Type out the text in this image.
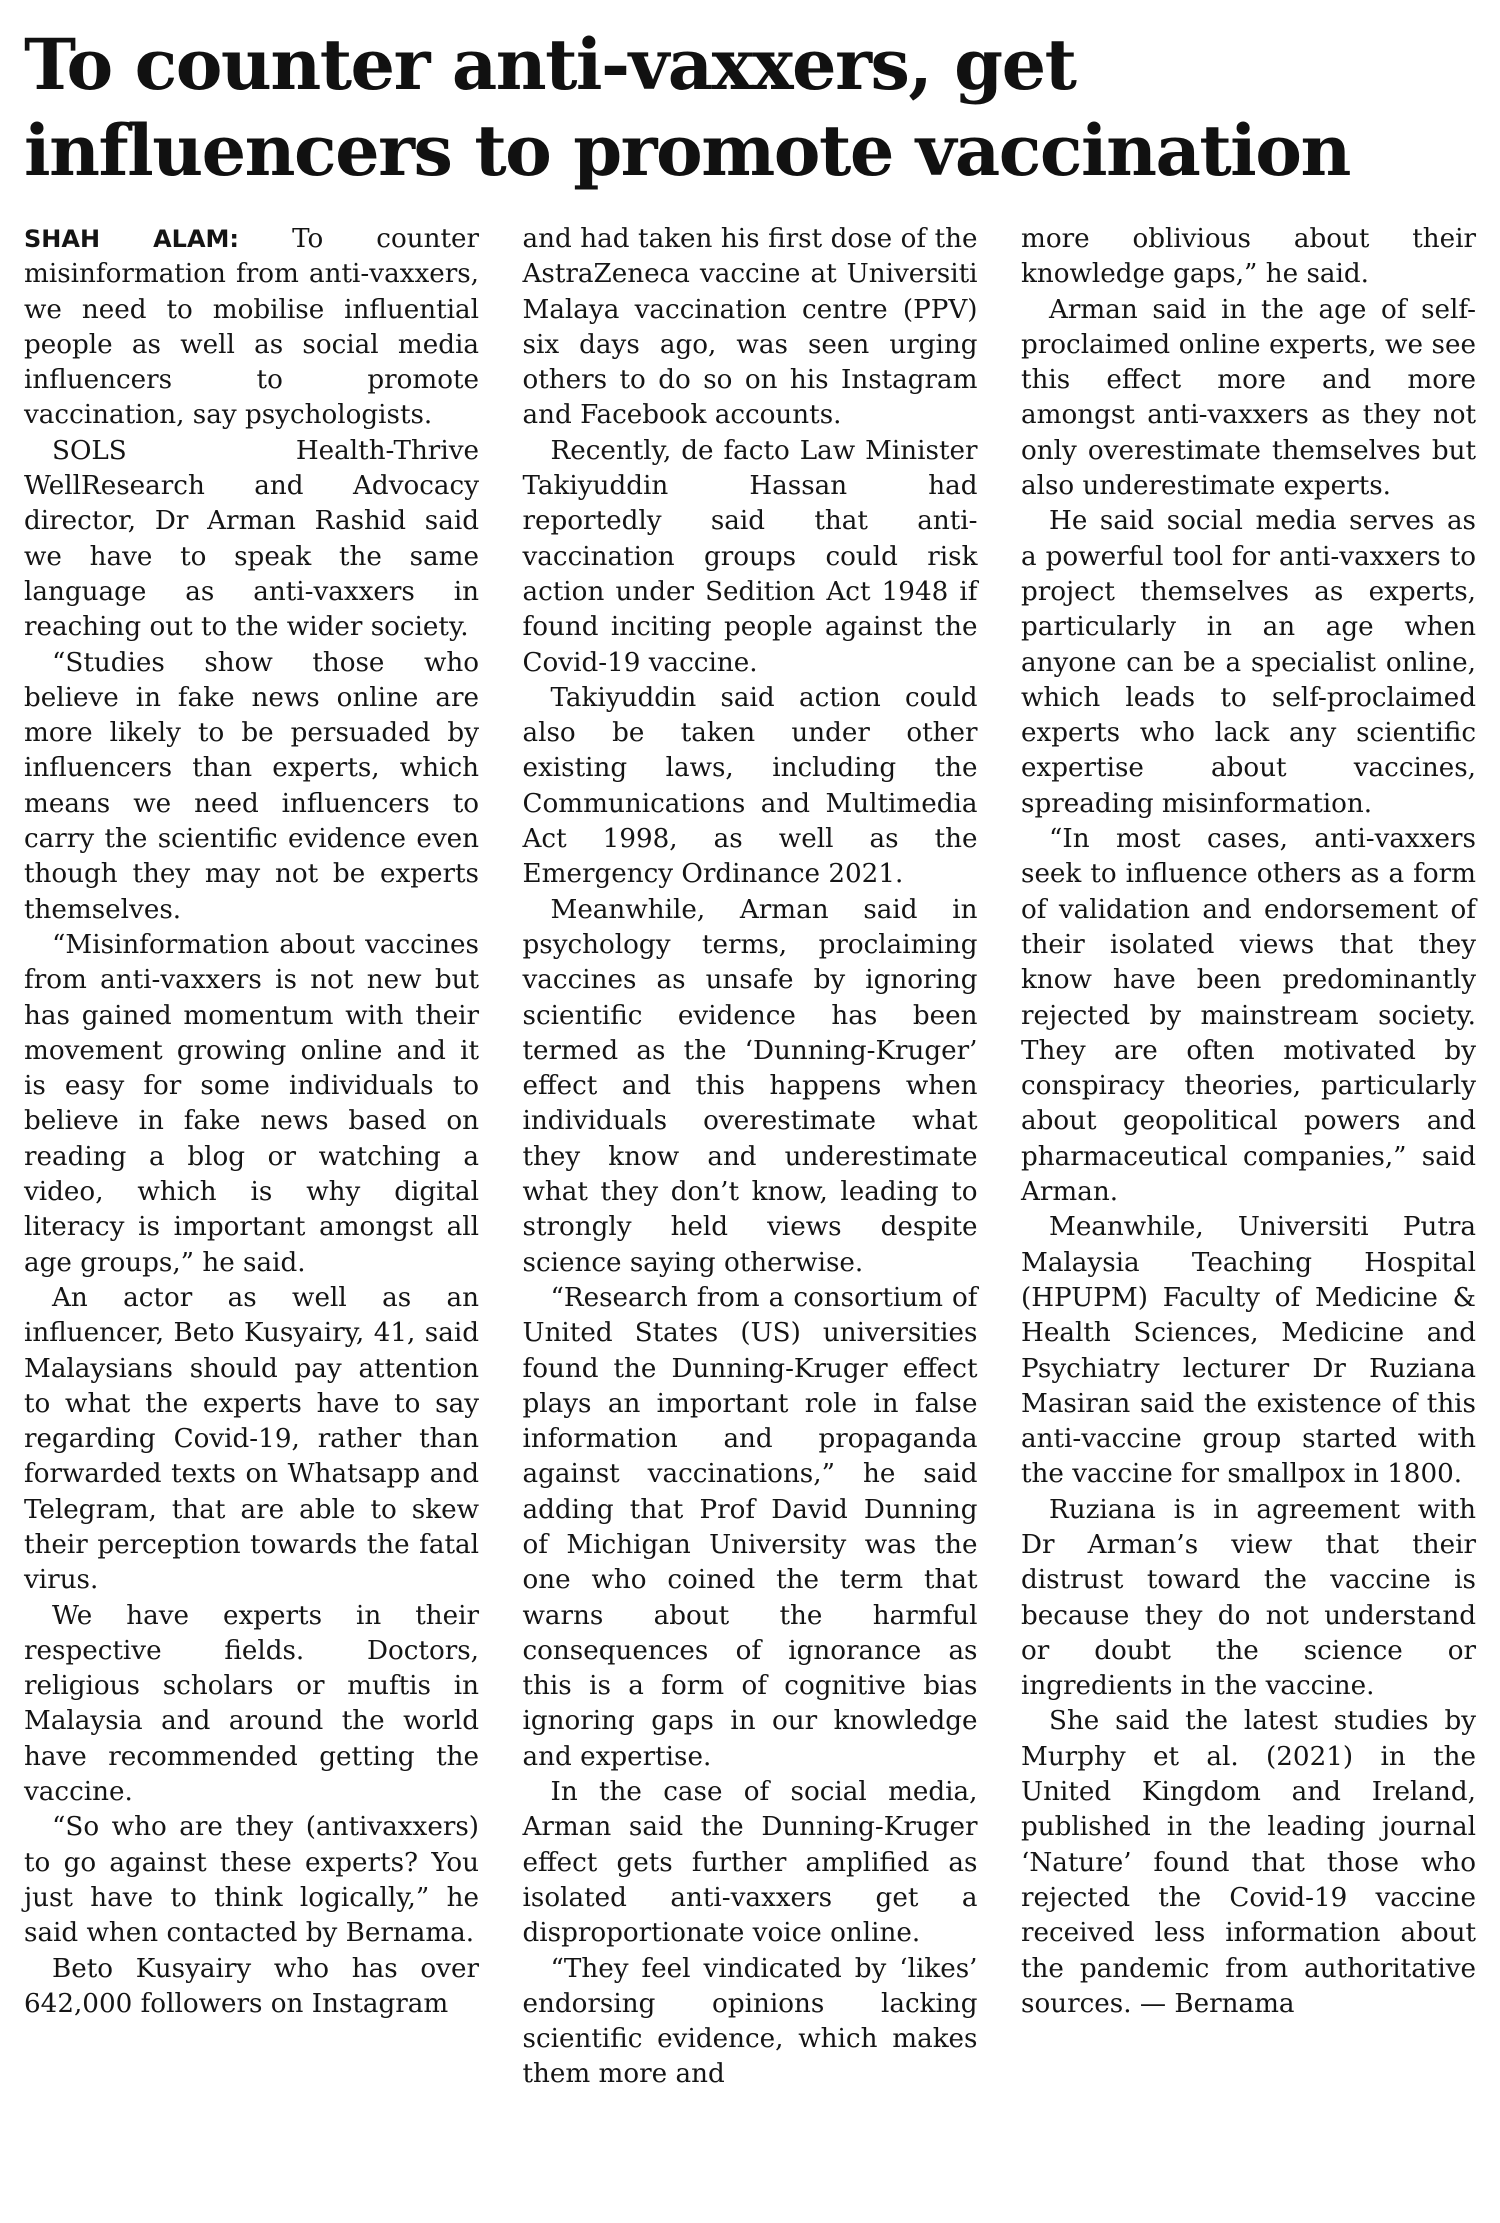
To counter anti-vaxxers, get influencers to promote vaccination

SHAH ALAM: To counter misinformation from anti-vaxxers, we need to mobilise influential people as well as social media influencers to promote vaccination, say psychologists.

SOLS Health-Thrive WellResearch and Advocacy director, Dr Arman Rashid said we have to speak the same language as anti-vaxxers in reaching out to the wider society.

“Studies show those who believe in fake news online are more likely to be persuaded by influencers than experts, which means we need influencers to carry the scientific evidence even though they may not be experts themselves.

“Misinformation about vaccines from anti-vaxxers is not new but has gained momentum with their movement growing online and it is easy for some individuals to believe in fake news based on reading a blog or watching a video, which is why digital literacy is important amongst all age groups,” he said.

An actor as well as an influencer, Beto Kusyairy, 41, said Malaysians should pay attention to what the experts have to say regarding Covid-19, rather than forwarded texts on Whatsapp and Telegram, that are able to skew their perception towards the fatal virus.

We have experts in their respective fields. Doctors, religious scholars or muftis in Malaysia and around the world have recommended getting the vaccine.

“So who are they (antivaxxers) to go against these experts? You just have to think logically,” he said when contacted by Bernama.

Beto Kusyairy who has over 642,000 followers on Instagram

and had taken his first dose of the AstraZeneca vaccine at Universiti Malaya vaccination centre (PPV) six days ago, was seen urging others to do so on his Instagram and Facebook accounts.

Recently, de facto Law Minister Takiyuddin Hassan had reportedly said that anti-vaccination groups could risk action under Sedition Act 1948 if found inciting people against the Covid-19 vaccine.

Takiyuddin said action could also be taken under other existing laws, including the Communications and Multimedia Act 1998, as well as the Emergency Ordinance 2021.

Meanwhile, Arman said in psychology terms, proclaiming vaccines as unsafe by ignoring scientific evidence has been termed as the ‘Dunning-Kruger’ effect and this happens when individuals overestimate what they know and underestimate what they don’t know, leading to strongly held views despite science saying otherwise.

“Research from a consortium of United States (US) universities found the Dunning-Kruger effect plays an important role in false information and propaganda against vaccinations,” he said adding that Prof David Dunning of Michigan University was the one who coined the term that warns about the harmful consequences of ignorance as this is a form of cognitive bias ignoring gaps in our knowledge and expertise.

In the case of social media, Arman said the Dunning-Kruger effect gets further amplified as isolated anti-vaxxers get a disproportionate voice online.

“They feel vindicated by ‘likes’ endorsing opinions lacking scientific evidence, which makes them more and

more oblivious about their knowledge gaps,” he said.

Arman said in the age of self-proclaimed online experts, we see this effect more and more amongst anti-vaxxers as they not only overestimate themselves but also underestimate experts.

He said social media serves as a powerful tool for anti-vaxxers to project themselves as experts, particularly in an age when anyone can be a specialist online, which leads to self-proclaimed experts who lack any scientific expertise about vaccines, spreading misinformation.

“In most cases, anti-vaxxers seek to influence others as a form of validation and endorsement of their isolated views that they know have been predominantly rejected by mainstream society. They are often motivated by conspiracy theories, particularly about geopolitical powers and pharmaceutical companies,” said Arman.

Meanwhile, Universiti Putra Malaysia Teaching Hospital (HPUPM) Faculty of Medicine & Health Sciences, Medicine and Psychiatry lecturer Dr Ruziana Masiran said the existence of this anti-vaccine group started with the vaccine for smallpox in 1800.

Ruziana is in agreement with Dr Arman’s view that their distrust toward the vaccine is because they do not understand or doubt the science or ingredients in the vaccine.

She said the latest studies by Murphy et al. (2021) in the United Kingdom and Ireland, published in the leading journal ‘Nature’ found that those who rejected the Covid-19 vaccine received less information about the pandemic from authoritative sources. — Bernama
